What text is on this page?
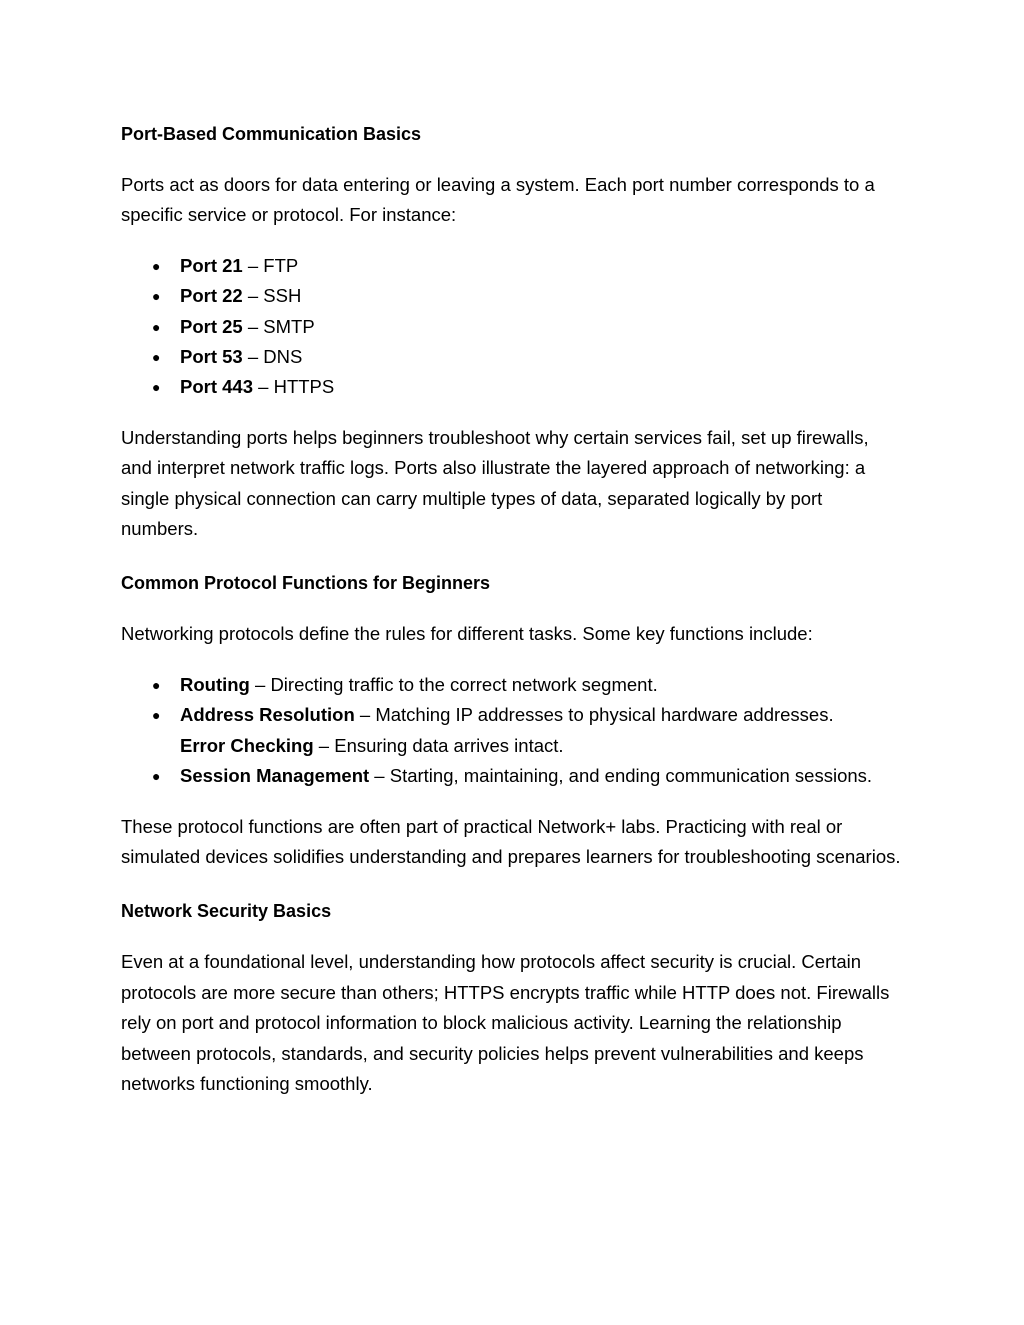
Port-Based Communication Basics

Ports act as doors for data entering or leaving a system. Each port number corresponds to a specific service or protocol. For instance:

● Port 21 – FTP
● Port 22 – SSH
● Port 25 – SMTP
● Port 53 – DNS
● Port 443 – HTTPS

Understanding ports helps beginners troubleshoot why certain services fail, set up firewalls, and interpret network traffic logs. Ports also illustrate the layered approach of networking: a single physical connection can carry multiple types of data, separated logically by port numbers.

Common Protocol Functions for Beginners

Networking protocols define the rules for different tasks. Some key functions include:

● Routing – Directing traffic to the correct network segment.
● Address Resolution – Matching IP addresses to physical hardware addresses.
Error Checking – Ensuring data arrives intact.
● Session Management – Starting, maintaining, and ending communication sessions.

These protocol functions are often part of practical Network+ labs. Practicing with real or simulated devices solidifies understanding and prepares learners for troubleshooting scenarios.

Network Security Basics

Even at a foundational level, understanding how protocols affect security is crucial. Certain protocols are more secure than others; HTTPS encrypts traffic while HTTP does not. Firewalls rely on port and protocol information to block malicious activity. Learning the relationship between protocols, standards, and security policies helps prevent vulnerabilities and keeps networks functioning smoothly.
